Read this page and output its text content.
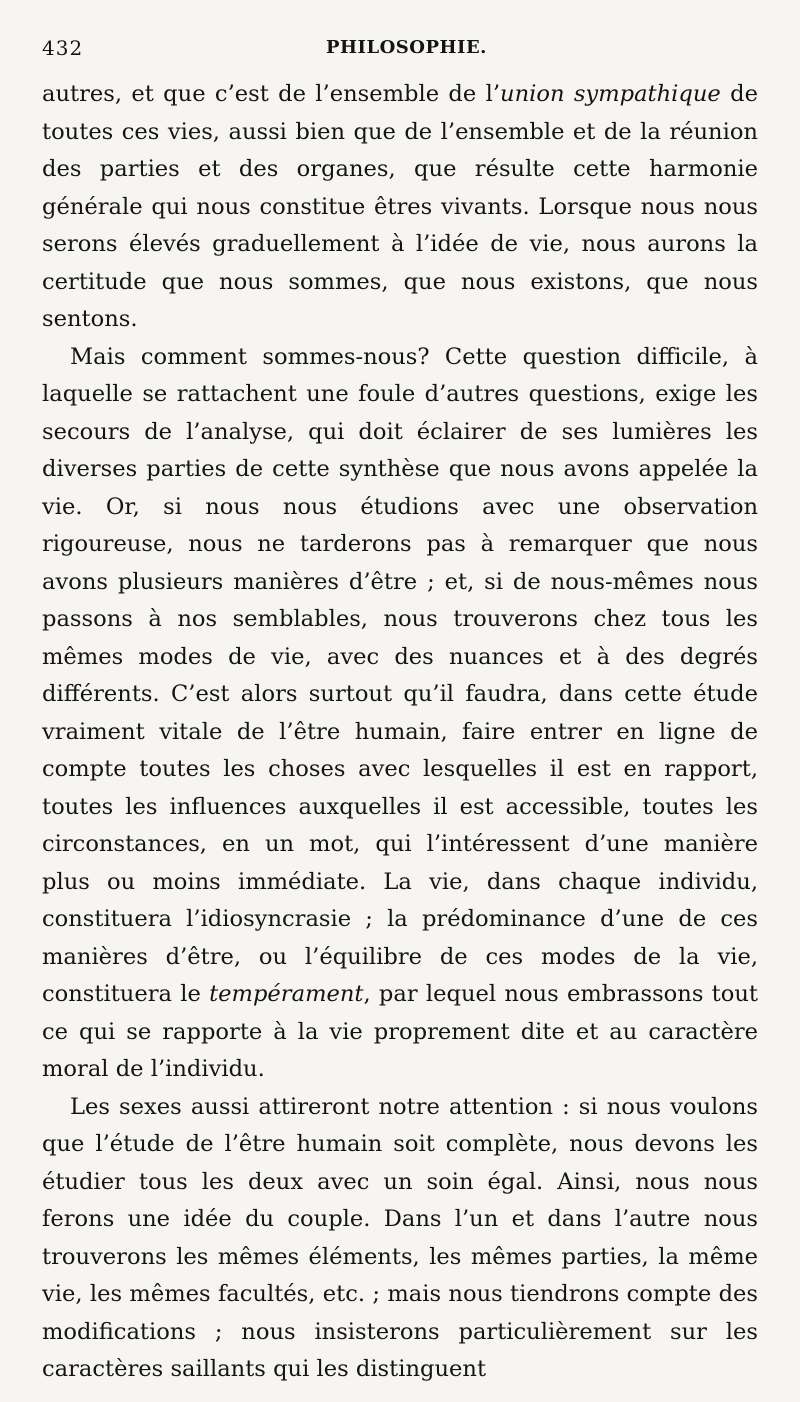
432	PHILOSOPHIE.

autres, et que c’est de l’ensemble de l’union sympathique de toutes ces vies, aussi bien que de l’ensemble et de la réunion des parties et des organes, que résulte cette harmonie générale qui nous constitue êtres vivants. Lorsque nous nous serons élevés graduellement à l’idée de vie, nous aurons la certitude que nous sommes, que nous existons, que nous sentons.

Mais comment sommes-nous? Cette question difficile, à laquelle se rattachent une foule d’autres questions, exige les secours de l’analyse, qui doit éclairer de ses lumières les diverses parties de cette synthèse que nous avons appelée la vie. Or, si nous nous étudions avec une observation rigoureuse, nous ne tarderons pas à remarquer que nous avons plusieurs manières d’être ; et, si de nous-mêmes nous passons à nos semblables, nous trouverons chez tous les mêmes modes de vie, avec des nuances et à des degrés différents. C’est alors surtout qu’il faudra, dans cette étude vraiment vitale de l’être humain, faire entrer en ligne de compte toutes les choses avec lesquelles il est en rapport, toutes les influences auxquelles il est accessible, toutes les circonstances, en un mot, qui l’intéressent d’une manière plus ou moins immédiate. La vie, dans chaque individu, constituera l’idiosyncrasie ; la prédominance d’une de ces manières d’être, ou l’équilibre de ces modes de la vie, constituera le tempérament, par lequel nous embrassons tout ce qui se rapporte à la vie proprement dite et au caractère moral de l’individu.

Les sexes aussi attireront notre attention : si nous voulons que l’étude de l’être humain soit complète, nous devons les étudier tous les deux avec un soin égal. Ainsi, nous nous ferons une idée du couple. Dans l’un et dans l’autre nous trouverons les mêmes éléments, les mêmes parties, la même vie, les mêmes facultés, etc. ; mais nous tiendrons compte des modifications ; nous insisterons particulièrement sur les caractères saillants qui les distinguent
